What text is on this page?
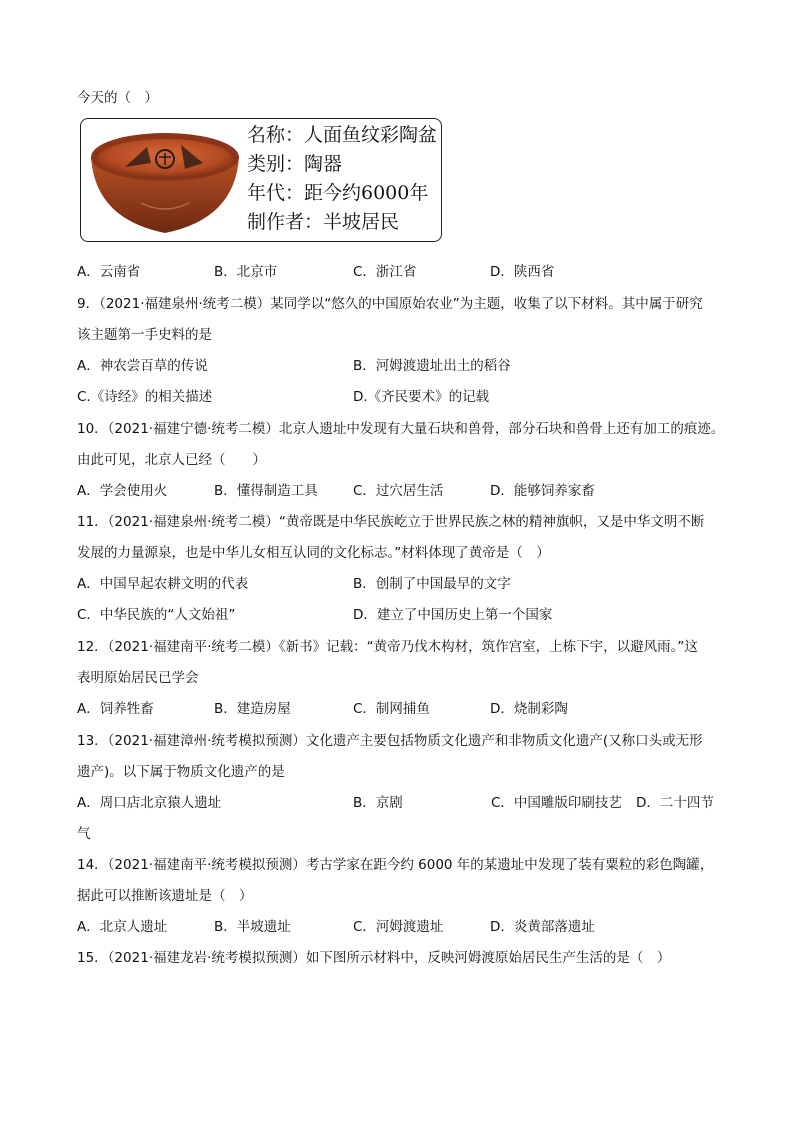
今天的（　）
名称：人面鱼纹彩陶盆
类别：陶器
年代：距今约6000年
制作者：半坡居民
A．云南省	B．北京市	C．浙江省	D．陕西省
9．（2021·福建泉州·统考二模）某同学以“悠久的中国原始农业”为主题，收集了以下材料。其中属于研究
该主题第一手史料的是
A．神农尝百草的传说	B．河姆渡遗址出土的稻谷
C.《诗经》的相关描述	D.《齐民要术》的记载
10．（2021·福建宁德·统考二模）北京人遗址中发现有大量石块和兽骨，部分石块和兽骨上还有加工的痕迹。
由此可见，北京人已经（　　）
A．学会使用火	B．懂得制造工具	C．过穴居生活	D．能够饲养家畜
11．（2021·福建泉州·统考二模）“黄帝既是中华民族屹立于世界民族之林的精神旗帜，又是中华文明不断
发展的力量源泉，也是中华儿女相互认同的文化标志。”材料体现了黄帝是（　）
A．中国早起农耕文明的代表	B．创制了中国最早的文字
C．中华民族的“人文始祖”	D．建立了中国历史上第一个国家
12．（2021·福建南平·统考二模）《新书》记载：“黄帝乃伐木构材，筑作宫室，上栋下宇，以避风雨。”这
表明原始居民已学会
A．饲养牲畜	B．建造房屋	C．制网捕鱼	D．烧制彩陶
13．（2021·福建漳州·统考模拟预测）文化遗产主要包括物质文化遗产和非物质文化遗产(又称口头或无形
遗产)。以下属于物质文化遗产的是
A．周口店北京猿人遗址	B．京剧	C．中国雕版印刷技艺 D．二十四节
气
14．（2021·福建南平·统考模拟预测）考古学家在距今约 6000 年的某遗址中发现了装有粟粒的彩色陶罐，
据此可以推断该遗址是（　）
A．北京人遗址	B．半坡遗址	C．河姆渡遗址	D．炎黄部落遗址
15．（2021·福建龙岩·统考模拟预测）如下图所示材料中，反映河姆渡原始居民生产生活的是（　）
